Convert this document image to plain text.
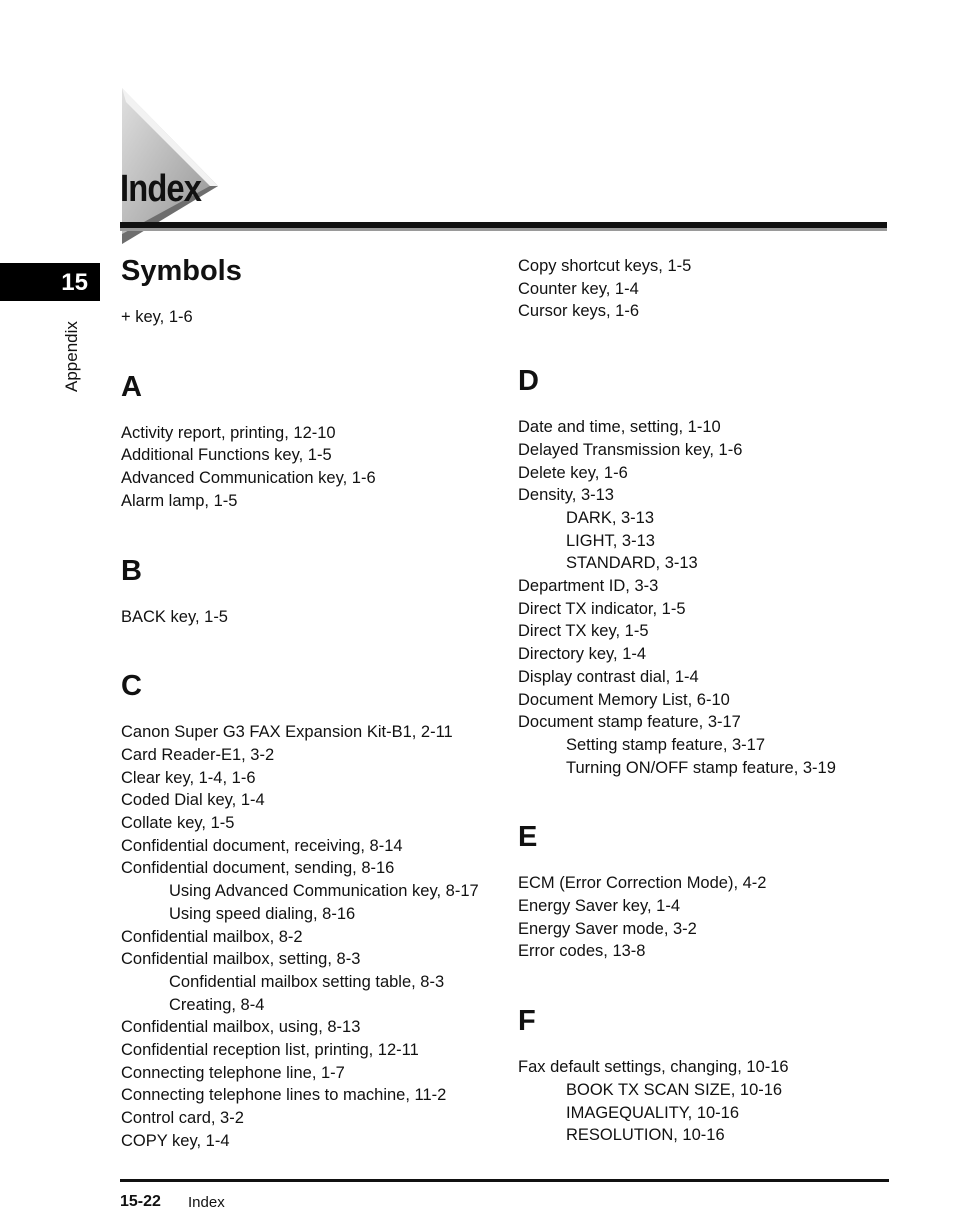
Index
15
Appendix
Symbols
+ key, 1-6
A
Activity report, printing, 12-10
Additional Functions key, 1-5
Advanced Communication key, 1-6
Alarm lamp, 1-5
B
BACK key, 1-5
C
Canon Super G3 FAX Expansion Kit-B1, 2-11
Card Reader-E1, 3-2
Clear key, 1-4, 1-6
Coded Dial key, 1-4
Collate key, 1-5
Confidential document, receiving, 8-14
Confidential document, sending, 8-16
Using Advanced Communication key, 8-17
Using speed dialing, 8-16
Confidential mailbox, 8-2
Confidential mailbox, setting, 8-3
Confidential mailbox setting table, 8-3
Creating, 8-4
Confidential mailbox, using, 8-13
Confidential reception list, printing, 12-11
Connecting telephone line, 1-7
Connecting telephone lines to machine, 11-2
Control card, 3-2
COPY key, 1-4
Copy shortcut keys, 1-5
Counter key, 1-4
Cursor keys, 1-6
D
Date and time, setting, 1-10
Delayed Transmission key, 1-6
Delete key, 1-6
Density, 3-13
DARK, 3-13
LIGHT, 3-13
STANDARD, 3-13
Department ID, 3-3
Direct TX indicator, 1-5
Direct TX key, 1-5
Directory key, 1-4
Display contrast dial, 1-4
Document Memory List, 6-10
Document stamp feature, 3-17
Setting stamp feature, 3-17
Turning ON/OFF stamp feature, 3-19
E
ECM (Error Correction Mode), 4-2
Energy Saver key, 1-4
Energy Saver mode, 3-2
Error codes, 13-8
F
Fax default settings, changing, 10-16
BOOK TX SCAN SIZE, 10-16
IMAGEQUALITY, 10-16
RESOLUTION, 10-16
15-22 Index
